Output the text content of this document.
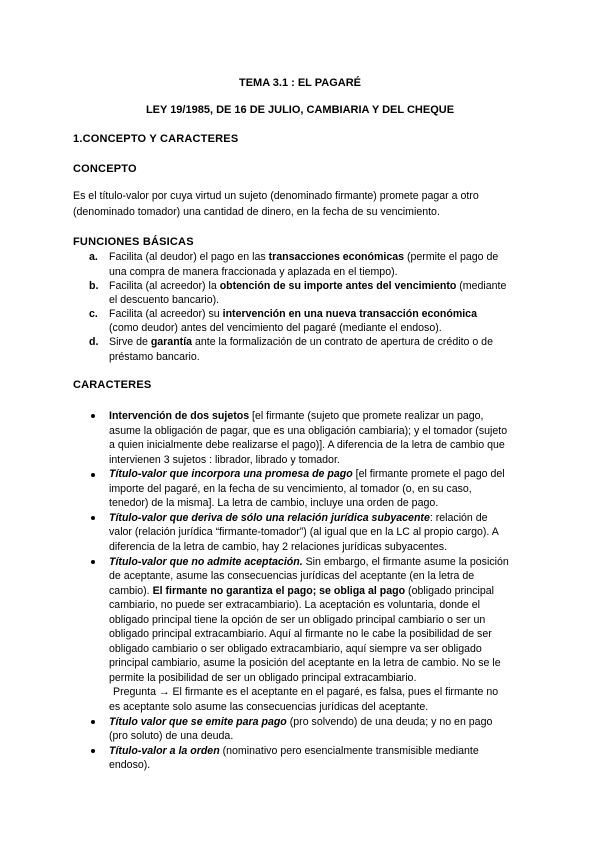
TEMA 3.1 : EL PAGARÉ
LEY 19/1985, DE 16 DE JULIO, CAMBIARIA Y DEL CHEQUE
1.CONCEPTO Y CARACTERES
CONCEPTO
Es el título-valor por cuya virtud un sujeto (denominado firmante) promete pagar a otro
(denominado tomador) una cantidad de dinero, en la fecha de su vencimiento.
FUNCIONES BÁSICAS
a. Facilita (al deudor) el pago en las transacciones económicas (permite el pago de
una compra de manera fraccionada y aplazada en el tiempo).
b. Facilita (al acreedor) la obtención de su importe antes del vencimiento (mediante
el descuento bancario).
c. Facilita (al acreedor) su intervención en una nueva transacción económica
(como deudor) antes del vencimiento del pagaré (mediante el endoso).
d. Sirve de garantía ante la formalización de un contrato de apertura de crédito o de
préstamo bancario.
CARACTERES
Intervención de dos sujetos [el firmante (sujeto que promete realizar un pago,
asume la obligación de pagar, que es una obligación cambiaria); y el tomador (sujeto
a quien inicialmente debe realizarse el pago)]. A diferencia de la letra de cambio que
intervienen 3 sujetos : librador, librado y tomador.
Título-valor que incorpora una promesa de pago [el firmante promete el pago del
importe del pagaré, en la fecha de su vencimiento, al tomador (o, en su caso,
tenedor) de la misma]. La letra de cambio, incluye una orden de pago.
Título-valor que deriva de sólo una relación jurídica subyacente: relación de
valor (relación jurídica “firmante-tomador”) (al igual que en la LC al propio cargo). A
diferencia de la letra de cambio, hay 2 relaciones jurídicas subyacentes.
Título-valor que no admite aceptación. Sin embargo, el firmante asume la posición
de aceptante, asume las consecuencias jurídicas del aceptante (en la letra de
cambio). El firmante no garantiza el pago; se obliga al pago (obligado principal
cambiario, no puede ser extracambiario). La aceptación es voluntaria, donde el
obligado principal tiene la opción de ser un obligado principal cambiario o ser un
obligado principal extracambiario. Aquí al firmante no le cabe la posibilidad de ser
obligado cambiario o ser obligado extracambiario, aquí siempre va ser obligado
principal cambiario, asume la posición del aceptante en la letra de cambio. No se le
permite la posibilidad de ser un obligado principal extracambiario.
Pregunta → El firmante es el aceptante en el pagaré, es falsa, pues el firmante no
es aceptante solo asume las consecuencias jurídicas del aceptante.
Título valor que se emite para pago (pro solvendo) de una deuda; y no en pago
(pro soluto) de una deuda.
Título-valor a la orden (nominativo pero esencialmente transmisible mediante
endoso).
